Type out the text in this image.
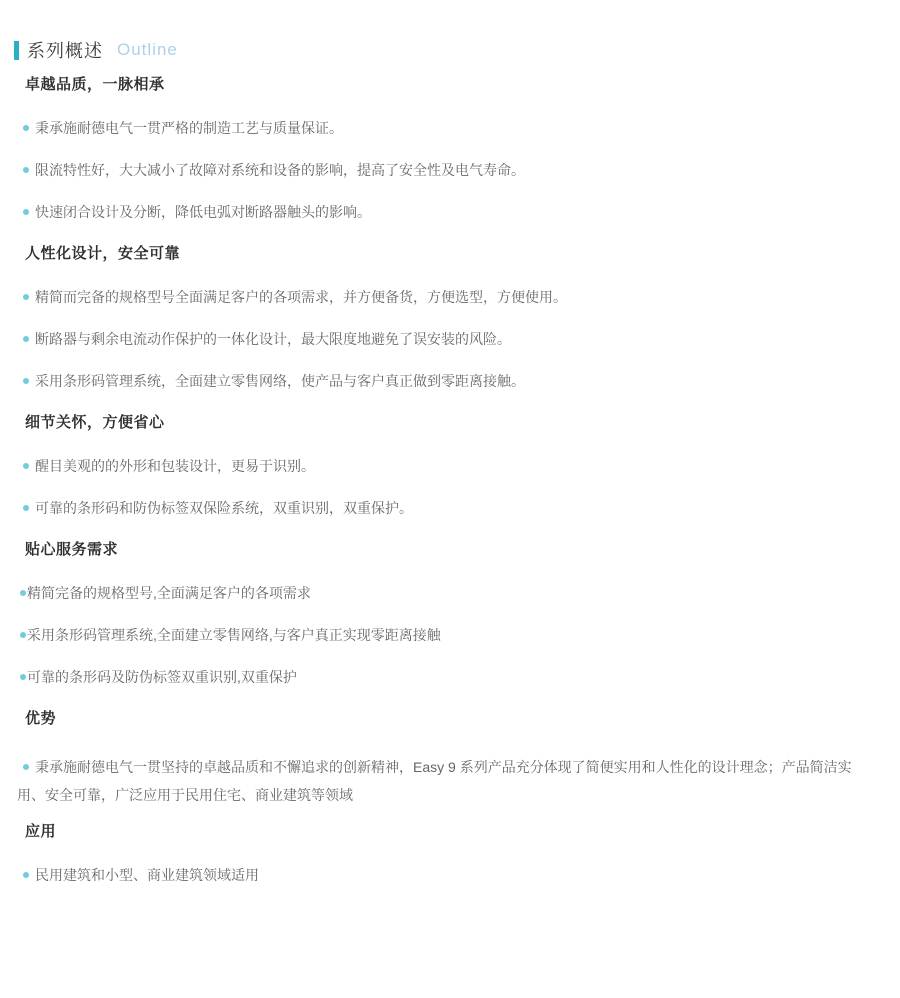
系列概述 Outline
卓越品质，一脉相承
秉承施耐德电气一贯严格的制造工艺与质量保证。
限流特性好，大大减小了故障对系统和设备的影响，提高了安全性及电气寿命。
快速闭合设计及分断，降低电弧对断路器触头的影响。
人性化设计，安全可靠
精简而完备的规格型号全面满足客户的各项需求，并方便备货，方便选型，方便使用。
断路器与剩余电流动作保护的一体化设计，最大限度地避免了误安装的风险。
采用条形码管理系统，全面建立零售网络，使产品与客户真正做到零距离接触。
细节关怀，方便省心
醒目美观的的外形和包装设计，更易于识别。
可靠的条形码和防伪标签双保险系统，双重识别，双重保护。
贴心服务需求
精简完备的规格型号,全面满足客户的各项需求
采用条形码管理系统,全面建立零售网络,与客户真正实现零距离接触
可靠的条形码及防伪标签双重识别,双重保护
优势
秉承施耐德电气一贯坚持的卓越品质和不懈追求的创新精神，Easy 9 系列产品充分体现了简便实用和人性化的设计理念；产品简洁实用、安全可靠，广泛应用于民用住宅、商业建筑等领域
应用
民用建筑和小型、商业建筑领域适用
